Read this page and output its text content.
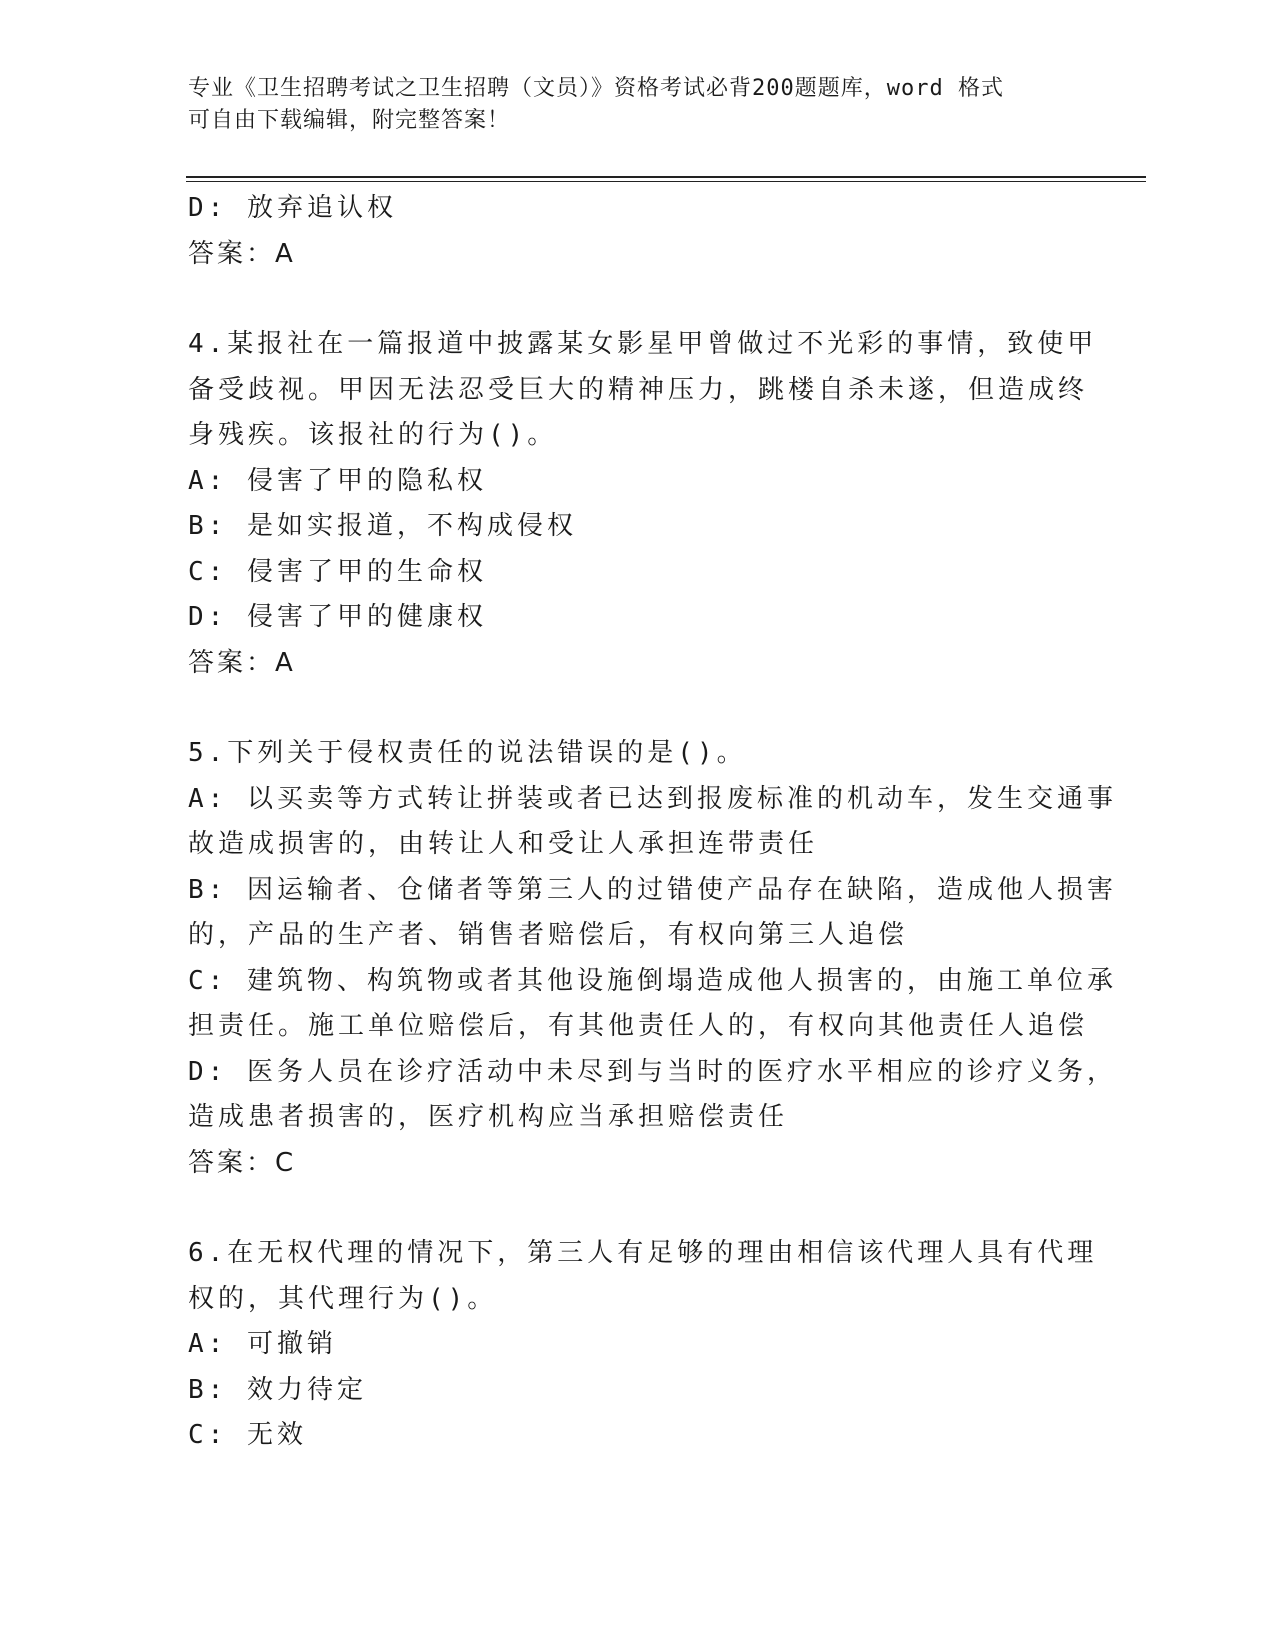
专业《卫生招聘考试之卫生招聘（文员）》资格考试必背200题题库，word 格式
可自由下载编辑，附完整答案！

D: 放弃追认权

答案：A

4.某报社在一篇报道中披露某女影星甲曾做过不光彩的事情，致使甲

备受歧视。甲因无法忍受巨大的精神压力，跳楼自杀未遂，但造成终

身残疾。该报社的行为()。

A: 侵害了甲的隐私权

B: 是如实报道，不构成侵权

C: 侵害了甲的生命权

D: 侵害了甲的健康权

答案：A

5.下列关于侵权责任的说法错误的是()。

A: 以买卖等方式转让拼装或者已达到报废标准的机动车，发生交通事

故造成损害的，由转让人和受让人承担连带责任

B: 因运输者、仓储者等第三人的过错使产品存在缺陷，造成他人损害

的，产品的生产者、销售者赔偿后，有权向第三人追偿

C: 建筑物、构筑物或者其他设施倒塌造成他人损害的，由施工单位承

担责任。施工单位赔偿后，有其他责任人的，有权向其他责任人追偿

D: 医务人员在诊疗活动中未尽到与当时的医疗水平相应的诊疗义务，

造成患者损害的，医疗机构应当承担赔偿责任

答案：C

6.在无权代理的情况下，第三人有足够的理由相信该代理人具有代理

权的，其代理行为()。

A: 可撤销

B: 效力待定

C: 无效
